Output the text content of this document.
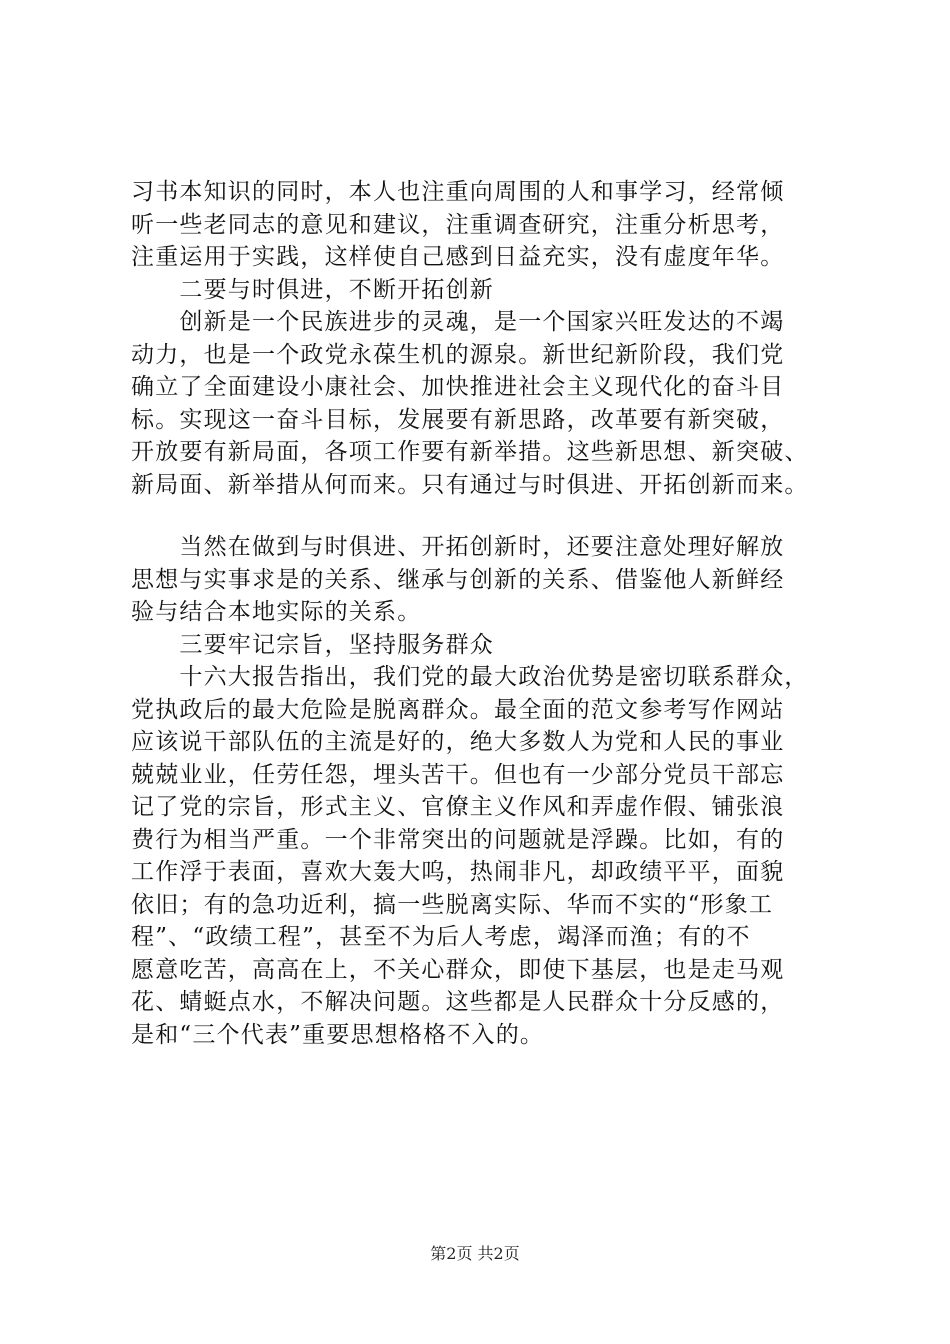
习书本知识的同时，本人也注重向周围的人和事学习，经常倾
听一些老同志的意见和建议，注重调查研究，注重分析思考，
注重运用于实践，这样使自己感到日益充实，没有虚度年华。
　　二要与时俱进，不断开拓创新
　　创新是一个民族进步的灵魂，是一个国家兴旺发达的不竭
动力，也是一个政党永葆生机的源泉。新世纪新阶段，我们党
确立了全面建设小康社会、加快推进社会主义现代化的奋斗目
标。实现这一奋斗目标，发展要有新思路，改革要有新突破，
开放要有新局面，各项工作要有新举措。这些新思想、新突破、
新局面、新举措从何而来。只有通过与时俱进、开拓创新而来。
　　当然在做到与时俱进、开拓创新时，还要注意处理好解放
思想与实事求是的关系、继承与创新的关系、借鉴他人新鲜经
验与结合本地实际的关系。
　　三要牢记宗旨，坚持服务群众
　　十六大报告指出，我们党的最大政治优势是密切联系群众，
党执政后的最大危险是脱离群众。最全面的范文参考写作网站
应该说干部队伍的主流是好的，绝大多数人为党和人民的事业
兢兢业业，任劳任怨，埋头苦干。但也有一少部分党员干部忘
记了党的宗旨，形式主义、官僚主义作风和弄虚作假、铺张浪
费行为相当严重。一个非常突出的问题就是浮躁。比如，有的
工作浮于表面，喜欢大轰大呜，热闹非凡，却政绩平平，面貌
依旧；有的急功近利，搞一些脱离实际、华而不实的“形象工
程”、“政绩工程”，甚至不为后人考虑，竭泽而渔；有的不
愿意吃苦，高高在上，不关心群众，即使下基层，也是走马观
花、蜻蜓点水，不解决问题。这些都是人民群众十分反感的，
是和“三个代表”重要思想格格不入的。
第2页 共2页
